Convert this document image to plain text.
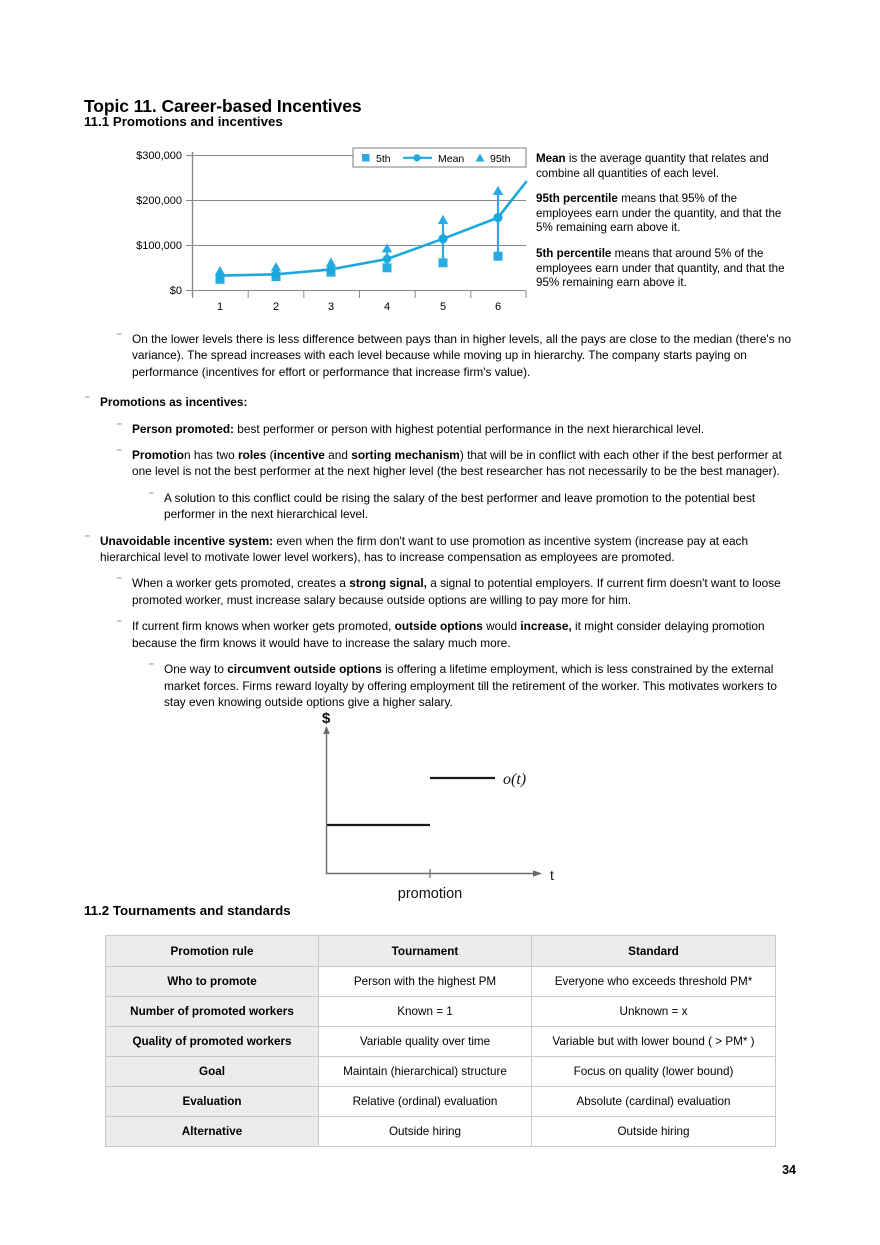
Topic 11. Career-based Incentives
11.1 Promotions and incentives
$300,000
$200,000
$100,000
$0
1	2	3	4	5	6
5th	Mean 95th Mean is the average quantity that relates and combine all quantities of each level.

95th percentile means that 95% of the employees earn under the quantity, and that the 5% remaining earn above it.

5th percentile means that around 5% of the employees earn under that quantity, and that the 95% remaining earn above it.

⁻ On the lower levels there is less difference between pays than in higher levels, all the pays are close to the median (there's no variance). The spread increases with each level because while moving up in hierarchy. The company starts paying on performance (incentives for effort or performance that increase firm's value).
⁻ Promotions as incentives:
⁻ Person promoted: best performer or person with highest potential performance in the next hierarchical level.
⁻ Promotion has two roles (incentive and sorting mechanism) that will be in conflict with each other if the best performer at one level is not the best performer at the next higher level (the best researcher has not necessarily to be the best manager).
⁻ A solution to this conflict could be rising the salary of the best performer and leave promotion to the potential best performer in the next hierarchical level.
⁻ Unavoidable incentive system: even when the firm don't want to use promotion as incentive system (increase pay at each hierarchical level to motivate lower level workers), has to increase compensation as employees are promoted.
⁻ When a worker gets promoted, creates a strong signal, a signal to potential employers. If current firm doesn't want to loose promoted worker, must increase salary because outside options are willing to pay more for him.
⁻ If current firm knows when worker gets promoted, outside options would increase, it might consider delaying promotion because the firm knows it would have to increase the salary much more.
⁻ One way to circumvent outside options is offering a lifetime employment, which is less constrained by the external market forces. Firms reward loyalty by offering employment till the retirement of the worker. This motivates workers to stay even knowing outside options give a higher salary.
$
t
o(t)
promotion
11.2 Tournaments and standards
Promotion rule	Tournament	Standard
Who to promote	Person with the highest PM	Everyone who exceeds threshold PM*
Number of promoted workers	Known = 1	Unknown = x
Quality of promoted workers	Variable quality over time	Variable but with lower bound ( > PM* )
Goal	Maintain (hierarchical) structure	Focus on quality (lower bound)
Evaluation	Relative (ordinal) evaluation	Absolute (cardinal) evaluation
Alternative	Outside hiring	Outside hiring
34
